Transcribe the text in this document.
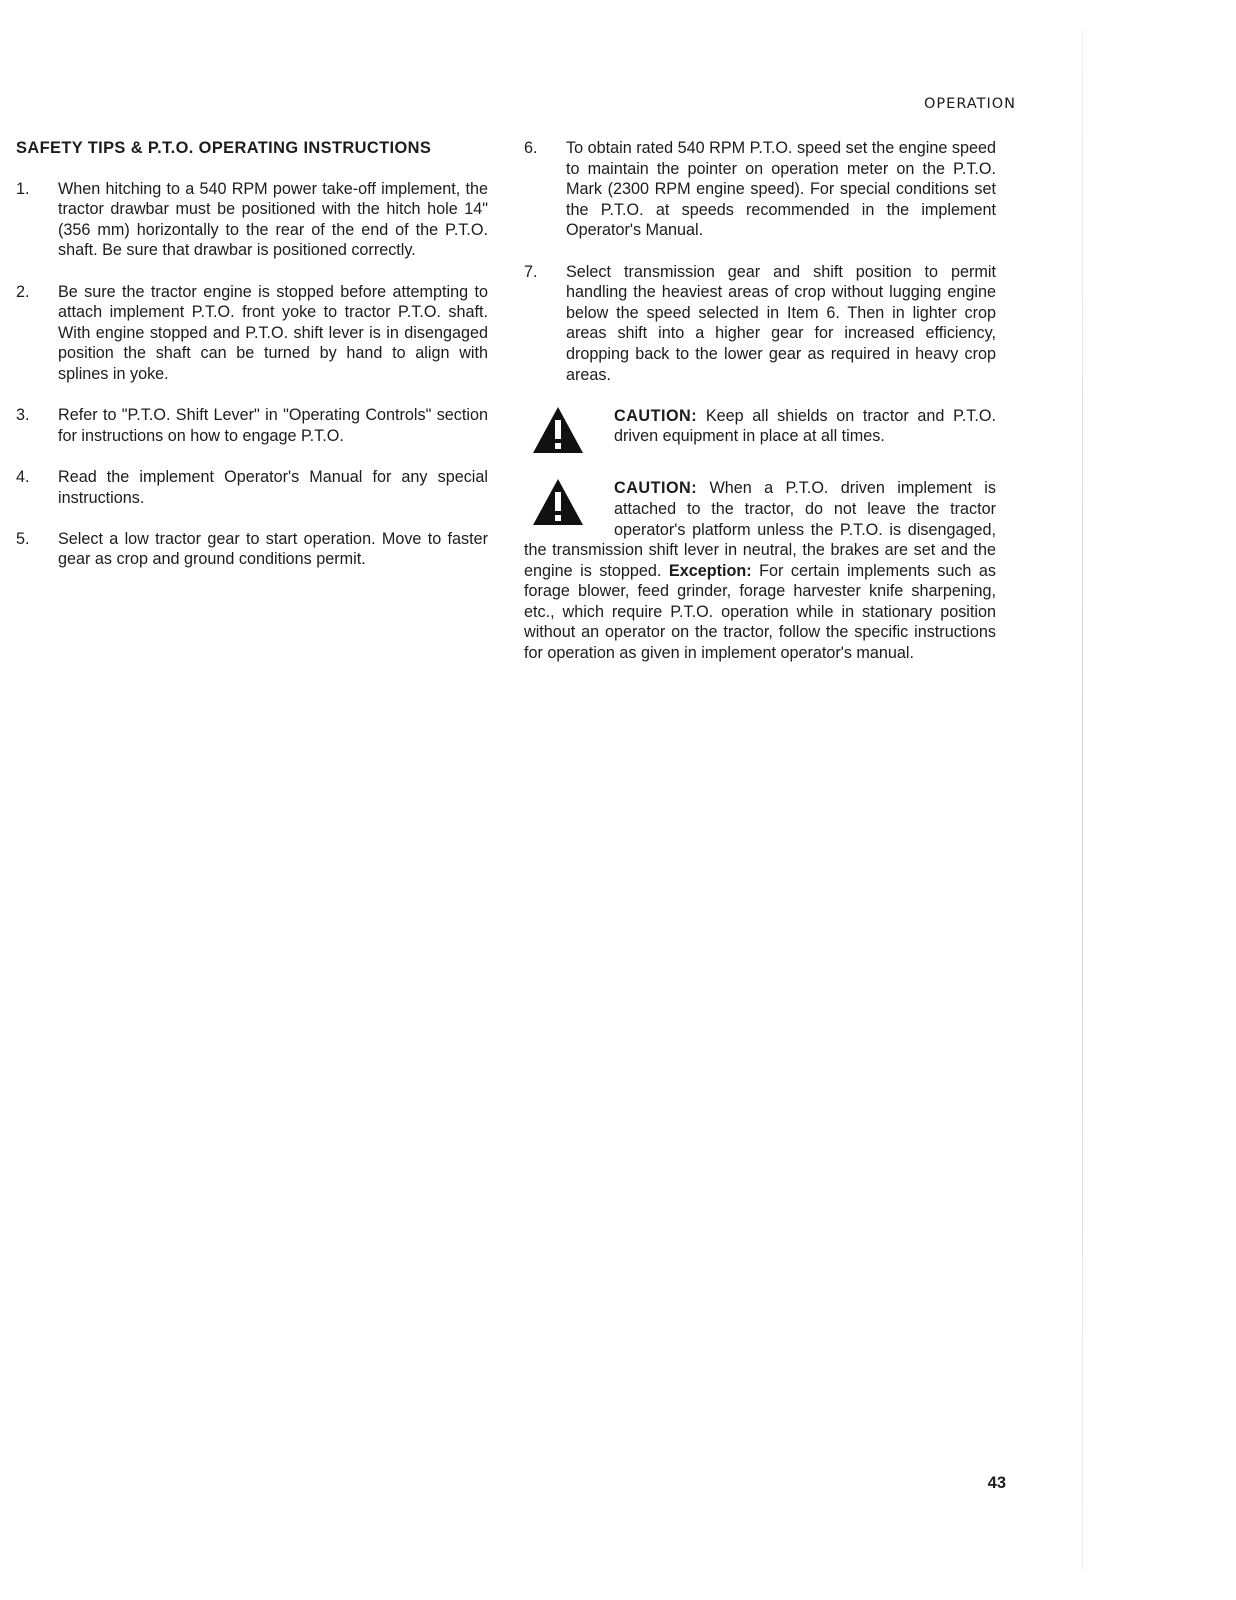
OPERATION
SAFETY TIPS & P.T.O. OPERATING INSTRUCTIONS
1.	When hitching to a 540 RPM power take-off implement, the tractor drawbar must be positioned with the hitch hole 14" (356 mm) horizontally to the rear of the end of the P.T.O. shaft. Be sure that drawbar is positioned correctly.
2.	Be sure the tractor engine is stopped before attempting to attach implement P.T.O. front yoke to tractor P.T.O. shaft. With engine stopped and P.T.O. shift lever is in disengaged position the shaft can be turned by hand to align with splines in yoke.
3.	Refer to "P.T.O. Shift Lever" in "Operating Controls" section for instructions on how to engage P.T.O.
4.	Read the implement Operator's Manual for any special instructions.
5.	Select a low tractor gear to start operation. Move to faster gear as crop and ground conditions permit.
6.	To obtain rated 540 RPM P.T.O. speed set the engine speed to maintain the pointer on operation meter on the P.T.O. Mark (2300 RPM engine speed). For special conditions set the P.T.O. at speeds recommended in the implement Operator's Manual.
7.	Select transmission gear and shift position to permit handling the heaviest areas of crop without lugging engine below the speed selected in Item 6. Then in lighter crop areas shift into a higher gear for increased efficiency, dropping back to the lower gear as required in heavy crop areas.
CAUTION: Keep all shields on tractor and P.T.O. driven equipment in place at all times.
CAUTION: When a P.T.O. driven implement is attached to the tractor, do not leave the tractor operator's platform unless the P.T.O. is disengaged, the transmission shift lever in neutral, the brakes are set and the engine is stopped. Exception: For certain implements such as forage blower, feed grinder, forage harvester knife sharpening, etc., which require P.T.O. operation while in stationary position without an operator on the tractor, follow the specific instructions for operation as given in implement operator's manual.
43
